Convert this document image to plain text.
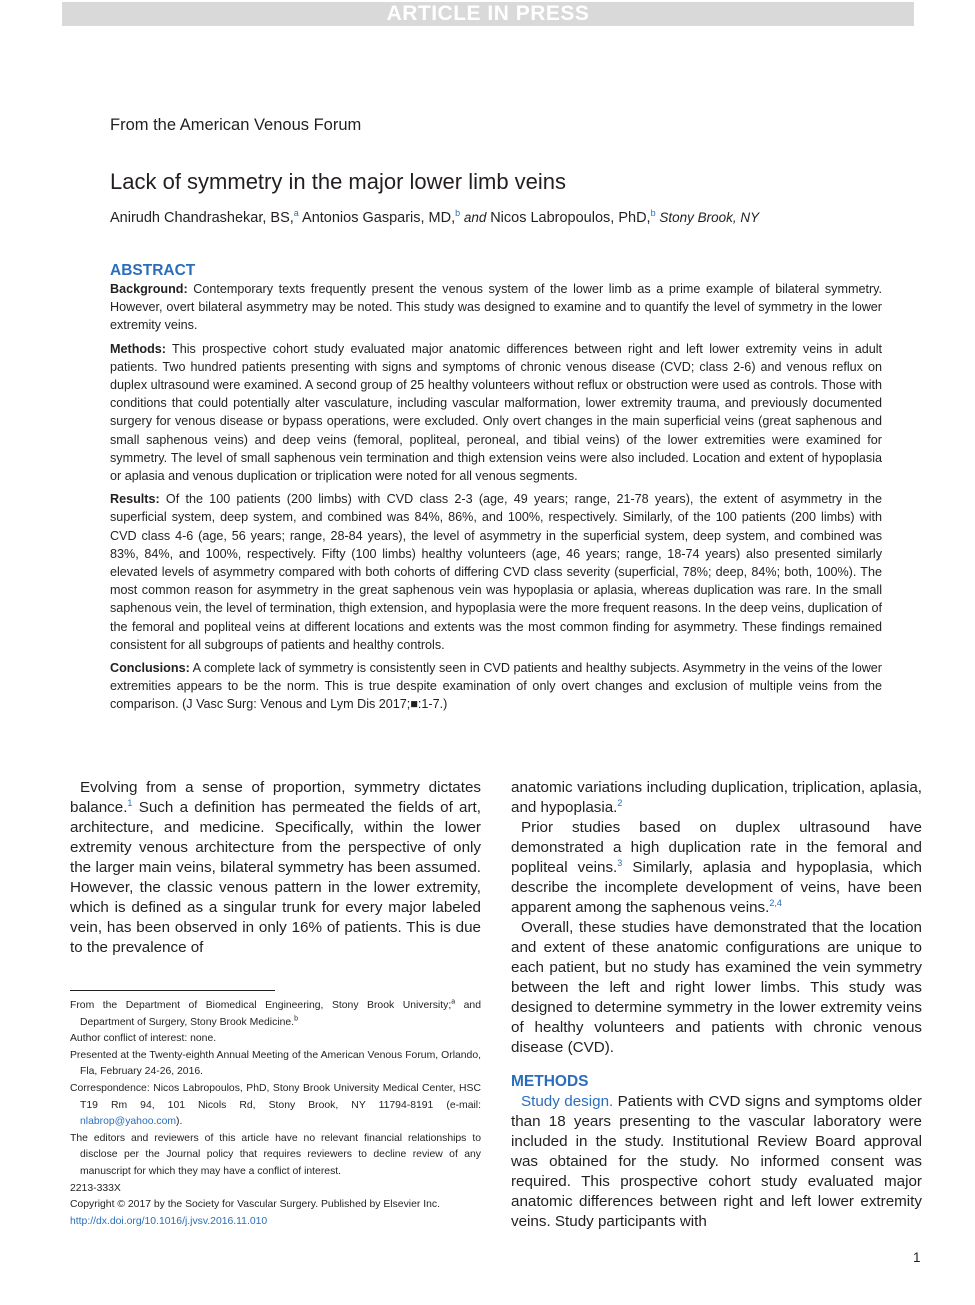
ARTICLE IN PRESS
From the American Venous Forum
Lack of symmetry in the major lower limb veins
Anirudh Chandrashekar, BS,$^a$ Antonios Gasparis, MD,$^b$ and Nicos Labropoulos, PhD,$^b$ Stony Brook, NY
ABSTRACT

Background: Contemporary texts frequently present the venous system of the lower limb as a prime example of bilateral symmetry. However, overt bilateral asymmetry may be noted. This study was designed to examine and to quantify the level of symmetry in the lower extremity veins.

Methods: This prospective cohort study evaluated major anatomic differences between right and left lower extremity veins in adult patients. Two hundred patients presenting with signs and symptoms of chronic venous disease (CVD; class 2-6) and venous reflux on duplex ultrasound were examined. A second group of 25 healthy volunteers without reflux or obstruction were used as controls. Those with conditions that could potentially alter vasculature, including vascular malformation, lower extremity trauma, and previously documented surgery for venous disease or bypass operations, were excluded. Only overt changes in the main superficial veins (great saphenous and small saphenous veins) and deep veins (femoral, popliteal, peroneal, and tibial veins) of the lower extremities were examined for symmetry. The level of small saphenous vein termination and thigh extension veins were also included. Location and extent of hypoplasia or aplasia and venous duplication or triplication were noted for all venous segments.

Results: Of the 100 patients (200 limbs) with CVD class 2-3 (age, 49 years; range, 21-78 years), the extent of asymmetry in the superficial system, deep system, and combined was 84%, 86%, and 100%, respectively. Similarly, of the 100 patients (200 limbs) with CVD class 4-6 (age, 56 years; range, 28-84 years), the level of asymmetry in the superficial system, deep system, and combined was 83%, 84%, and 100%, respectively. Fifty (100 limbs) healthy volunteers (age, 46 years; range, 18-74 years) also presented similarly elevated levels of asymmetry compared with both cohorts of differing CVD class severity (superficial, 78%; deep, 84%; both, 100%). The most common reason for asymmetry in the great saphenous vein was hypoplasia or aplasia, whereas duplication was rare. In the small saphenous vein, the level of termination, thigh extension, and hypoplasia were the more frequent reasons. In the deep veins, duplication of the femoral and popliteal veins at different locations and extents was the most common finding for asymmetry. These findings remained consistent for all subgroups of patients and healthy controls.

Conclusions: A complete lack of symmetry is consistently seen in CVD patients and healthy subjects. Asymmetry in the veins of the lower extremities appears to be the norm. This is true despite examination of only overt changes and exclusion of multiple veins from the comparison. (J Vasc Surg: Venous and Lym Dis 2017;■:1-7.)

Evolving from a sense of proportion, symmetry dictates balance.$^1$ Such a definition has permeated the fields of art, architecture, and medicine. Specifically, within the lower extremity venous architecture from the perspective of only the larger main veins, bilateral symmetry has been assumed. However, the classic venous pattern in the lower extremity, which is defined as a singular trunk for every major labeled vein, has been observed in only 16% of patients. This is due to the prevalence of

From the Department of Biomedical Engineering, Stony Brook University;$^a$ and Department of Surgery, Stony Brook Medicine.$^b$

Author conflict of interest: none.

Presented at the Twenty-eighth Annual Meeting of the American Venous Forum, Orlando, Fla, February 24-26, 2016.

Correspondence: Nicos Labropoulos, PhD, Stony Brook University Medical Center, HSC T19 Rm 94, 101 Nicols Rd, Stony Brook, NY 11794-8191 (e-mail: nlabrop@yahoo.com).

The editors and reviewers of this article have no relevant financial relationships to disclose per the Journal policy that requires reviewers to decline review of any manuscript for which they may have a conflict of interest.

2213-333X

Copyright © 2017 by the Society for Vascular Surgery. Published by Elsevier Inc.

http://dx.doi.org/10.1016/j.jvsv.2016.11.010

anatomic variations including duplication, triplication, aplasia, and hypoplasia.$^2$

Prior studies based on duplex ultrasound have demonstrated a high duplication rate in the femoral and popliteal veins.$^3$ Similarly, aplasia and hypoplasia, which describe the incomplete development of veins, have been apparent among the saphenous veins.$^{2,4}$

Overall, these studies have demonstrated that the location and extent of these anatomic configurations are unique to each patient, but no study has examined the vein symmetry between the left and right lower limbs. This study was designed to determine symmetry in the lower extremity veins of healthy volunteers and patients with chronic venous disease (CVD).

METHODS

Study design. Patients with CVD signs and symptoms older than 18 years presenting to the vascular laboratory were included in the study. Institutional Review Board approval was obtained for the study. No informed consent was required. This prospective cohort study evaluated major anatomic differences between right and left lower extremity veins. Study participants with

1
